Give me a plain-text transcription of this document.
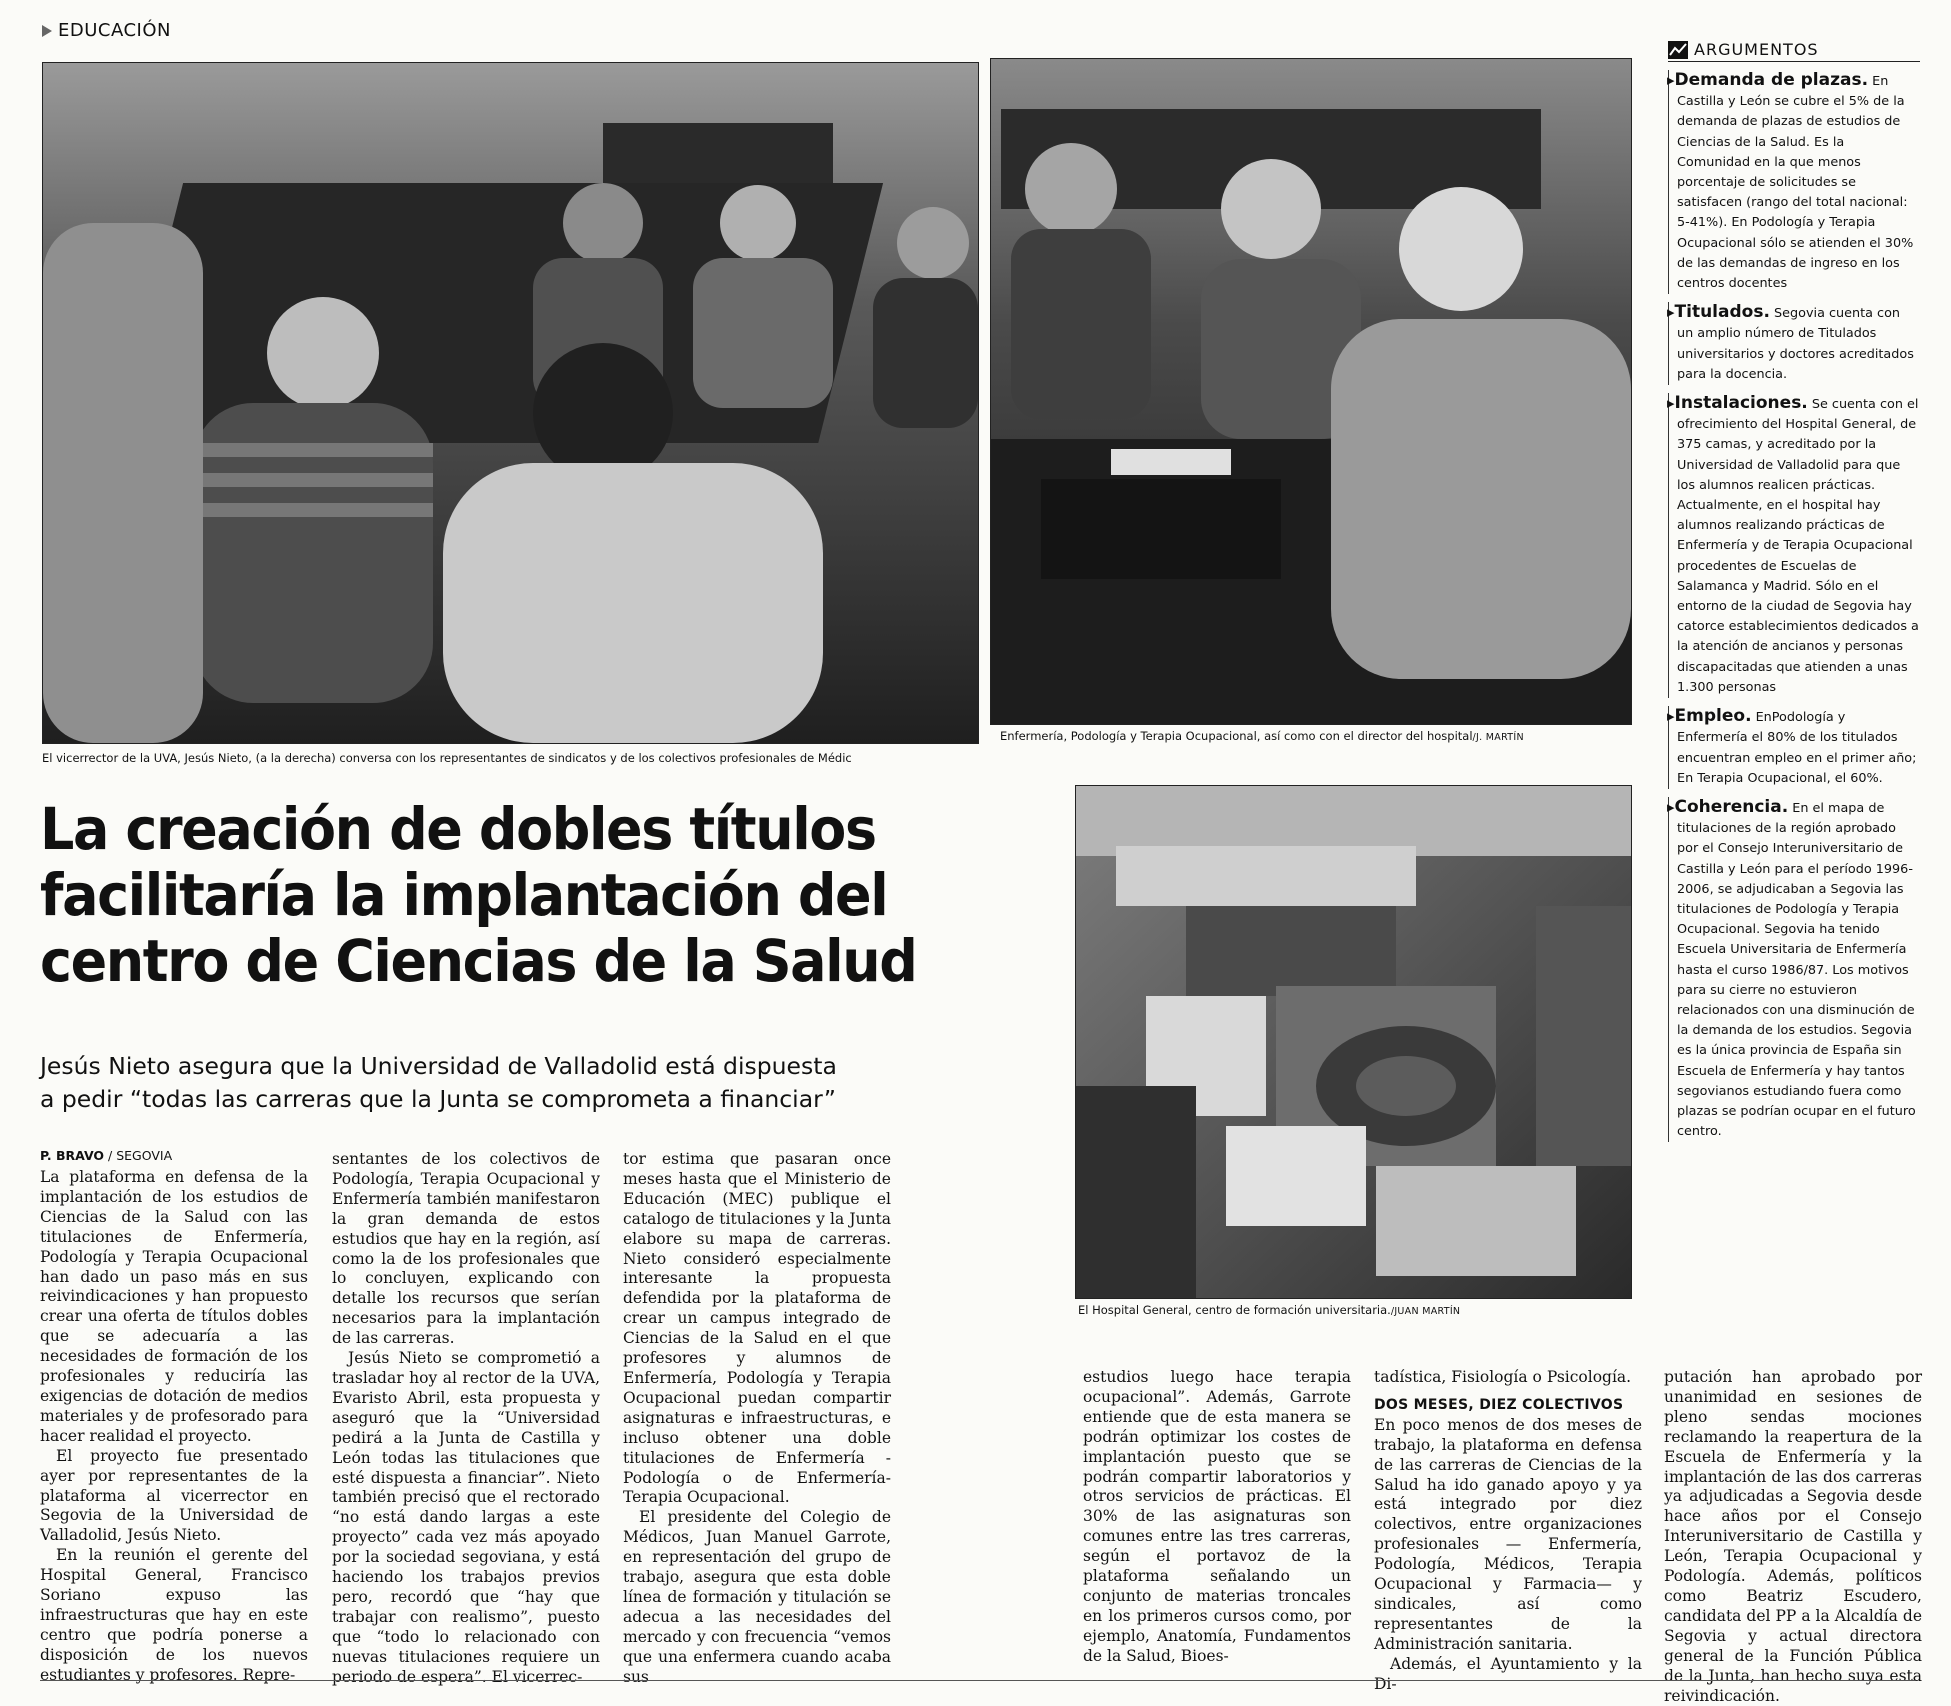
EDUCACIÓN
El vicerrector de la UVA, Jesús Nieto, (a la derecha) conversa con los representantes de sindicatos y de los colectivos profesionales de Médic
Enfermería, Podología y Terapia Ocupacional, así como con el director del hospital/J. MARTÍN
El Hospital General, centro de formación universitaria./JUAN MARTÍN
La creación de dobles títulos
facilitaría la implantación del
centro de Ciencias de la Salud
Jesús Nieto asegura que la Universidad de Valladolid está dispuesta
a pedir “todas las carreras que la Junta se comprometa a financiar”
P. BRAVO / SEGOVIA

La plataforma en defensa de la implantación de los estudios de Ciencias de la Salud con las titulaciones de Enfermería, Podología y Terapia Ocupacional han dado un paso más en sus reivindicaciones y han propuesto crear una oferta de títulos dobles que se adecuaría a las necesidades de formación de los profesionales y reduciría las exigencias de dotación de medios materiales y de profesorado para hacer realidad el proyecto.

El proyecto fue presentado ayer por representantes de la plataforma al vicerrector en Segovia de la Universidad de Valladolid, Jesús Nieto.

En la reunión el gerente del Hospital General, Francisco Soriano expuso las infraestructuras que hay en este centro que podría ponerse a disposición de los nuevos estudiantes y profesores. Repre-

sentantes de los colectivos de Podología, Terapia Ocupacional y Enfermería también manifestaron la gran demanda de estos estudios que hay en la región, así como la de los profesionales que lo concluyen, explicando con detalle los recursos que serían necesarios para la implantación de las carreras.

Jesús Nieto se comprometió a trasladar hoy al rector de la UVA, Evaristo Abril, esta propuesta y aseguró que la “Universidad pedirá a la Junta de Castilla y León todas las titulaciones que esté dispuesta a financiar”. Nieto también precisó que el rectorado “no está dando largas a este proyecto” cada vez más apoyado por la sociedad segoviana, y está haciendo los trabajos previos pero, recordó que “hay que trabajar con realismo”, puesto que “todo lo relacionado con nuevas titulaciones requiere un periodo de espera”. El vicerrec-

tor estima que pasaran once meses hasta que el Ministerio de Educación (MEC) publique el catalogo de titulaciones y la Junta elabore su mapa de carreras. Nieto consideró especialmente interesante la propuesta defendida por la plataforma de crear un campus integrado de Ciencias de la Salud en el que profesores y alumnos de Enfermería, Podología y Terapia Ocupacional puedan compartir asignaturas e infraestructuras, e incluso obtener una doble titulaciones de Enfermería -Podología o de Enfermería-Terapia Ocupacional.

El presidente del Colegio de Médicos, Juan Manuel Garrote, en representación del grupo de trabajo, asegura que esta doble línea de formación y titulación se adecua a las necesidades del mercado y con frecuencia “vemos que una enfermera cuando acaba sus

estudios luego hace terapia ocupacional”. Además, Garrote entiende que de esta manera se podrán optimizar los costes de implantación puesto que se podrán compartir laboratorios y otros servicios de prácticas. El 30% de las asignaturas son comunes entre las tres carreras, según el portavoz de la plataforma señalando un conjunto de materias troncales en los primeros cursos como, por ejemplo, Anatomía, Fundamentos de la Salud, Bioes-

tadística, Fisiología o Psicología.

DOS MESES, DIEZ COLECTIVOS

En poco menos de dos meses de trabajo, la plataforma en defensa de las carreras de Ciencias de la Salud ha ido ganado apoyo y ya está integrado por diez colectivos, entre organizaciones profesionales — Enfermería, Podología, Médicos, Terapia Ocupacional y Farmacia— y sindicales, así como representantes de la Administración sanitaria.

Además, el Ayuntamiento y la Di-

putación han aprobado por unanimidad en sesiones de pleno sendas mociones reclamando la reapertura de la Escuela de Enfermería y la implantación de las dos carreras ya adjudicadas a Segovia desde hace años por el Consejo Interuniversitario de Castilla y León, Terapia Ocupacional y Podología. Además, políticos como Beatriz Escudero, candidata del PP a la Alcaldía de Segovia y actual directora general de la Función Pública de la Junta, han hecho suya esta reivindicación.

ARGUMENTOS
▸ Demanda de plazas. En Castilla y León se cubre el 5% de la demanda de plazas de estudios de Ciencias de la Salud. Es la Comunidad en la que menos porcentaje de solicitudes se satisfacen (rango del total nacional: 5-41%). En Podología y Terapia Ocupacional sólo se atienden el 30% de las demandas de ingreso en los centros docentes
▸ Titulados. Segovia cuenta con un amplio número de Titulados universitarios y doctores acreditados para la docencia.
▸ Instalaciones. Se cuenta con el ofrecimiento del Hospital General, de 375 camas, y acreditado por la Universidad de Valladolid para que los alumnos realicen prácticas. Actualmente, en el hospital hay alumnos realizando prácticas de Enfermería y de Terapia Ocupacional procedentes de Escuelas de Salamanca y Madrid. Sólo en el entorno de la ciudad de Segovia hay catorce establecimientos dedicados a la atención de ancianos y personas discapacitadas que atienden a unas 1.300 personas
▸ Empleo. EnPodología y Enfermería el 80% de los titulados encuentran empleo en el primer año; En Terapia Ocupacional, el 60%.
▸ Coherencia. En el mapa de titulaciones de la región aprobado por el Consejo Interuniversitario de Castilla y León para el período 1996-2006, se adjudicaban a Segovia las titulaciones de Podología y Terapia Ocupacional. Segovia ha tenido Escuela Universitaria de Enfermería hasta el curso 1986/87. Los motivos para su cierre no estuvieron relacionados con una disminución de la demanda de los estudios. Segovia es la única provincia de España sin Escuela de Enfermería y hay tantos segovianos estudiando fuera como plazas se podrían ocupar en el futuro centro.
